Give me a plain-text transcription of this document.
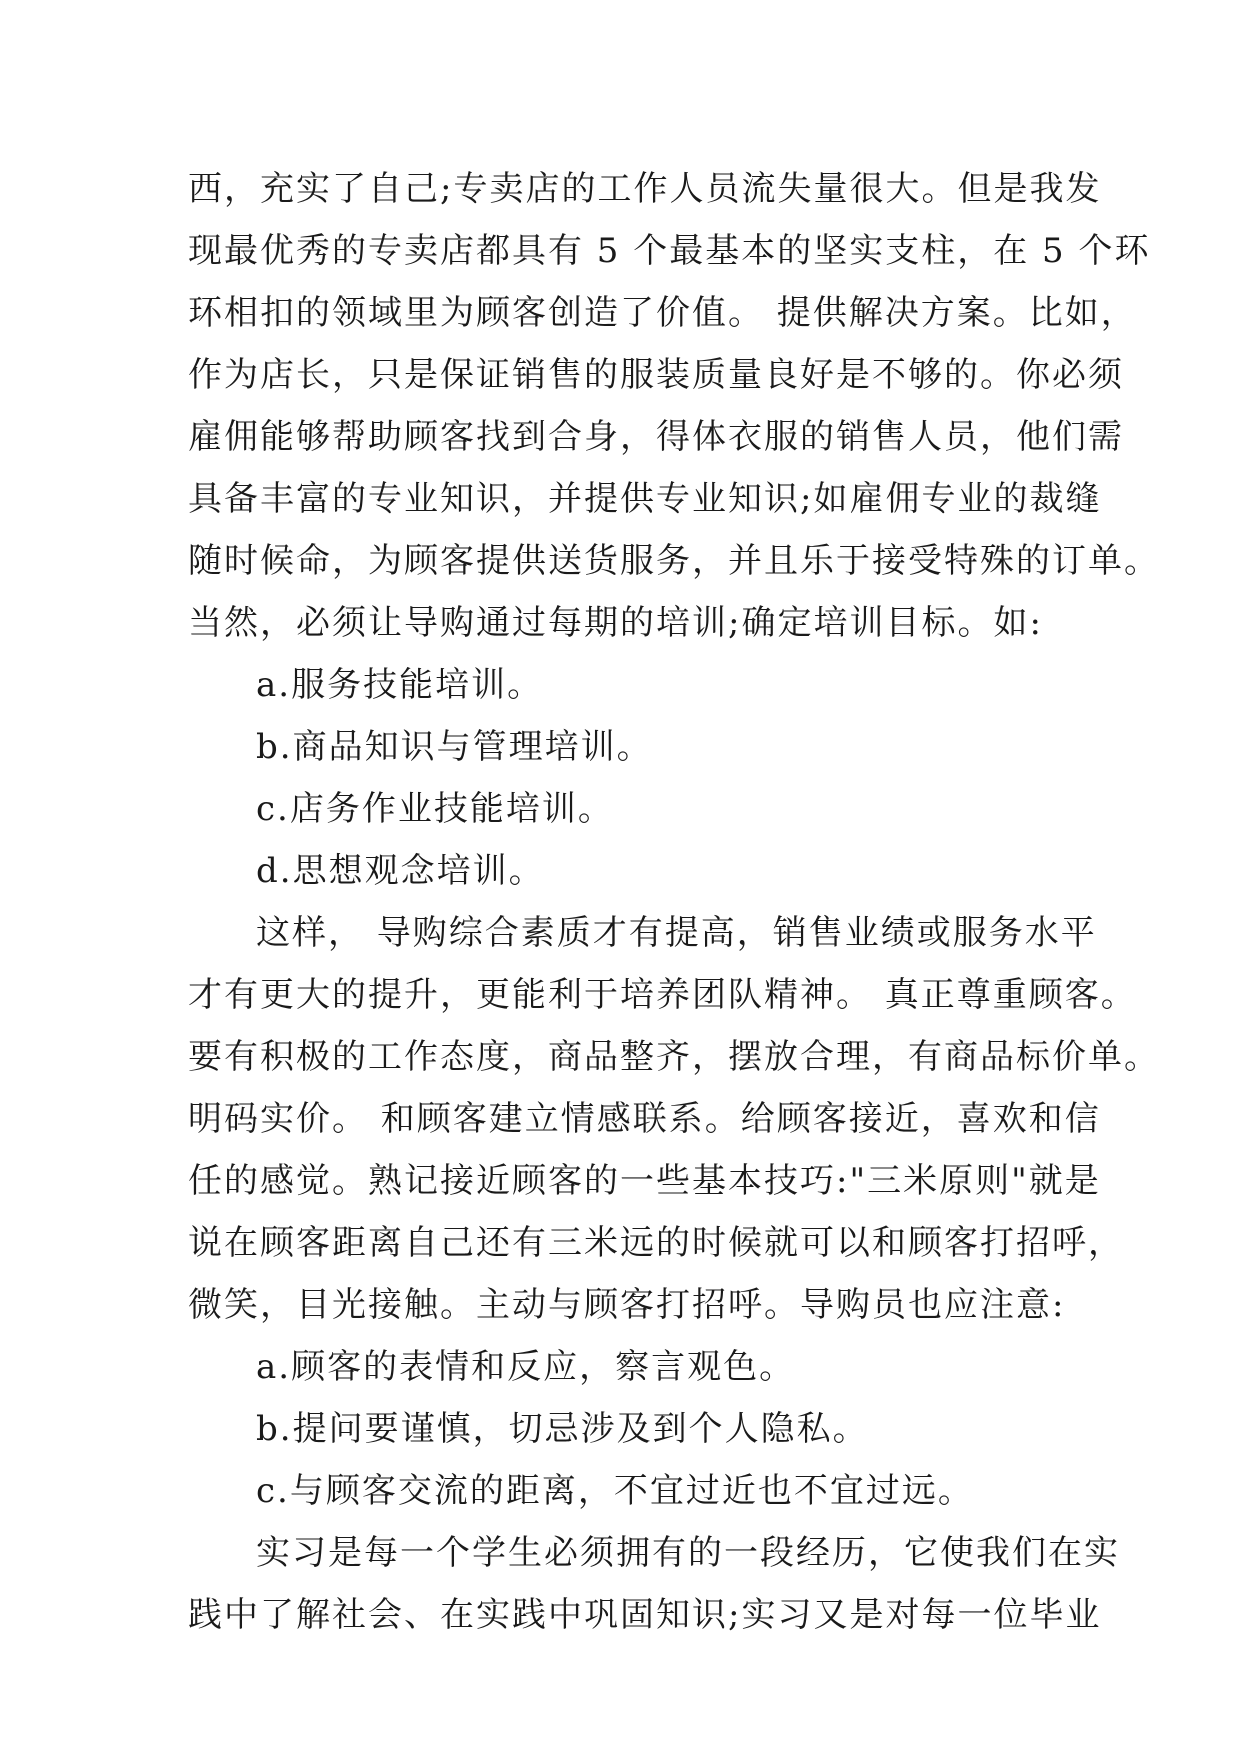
西，充实了自己;专卖店的工作人员流失量很大。但是我发
现最优秀的专卖店都具有 5 个最基本的坚实支柱，在 5 个环
环相扣的领域里为顾客创造了价值。 提供解决方案。比如，
作为店长，只是保证销售的服装质量良好是不够的。你必须
雇佣能够帮助顾客找到合身，得体衣服的销售人员，他们需
具备丰富的专业知识，并提供专业知识;如雇佣专业的裁缝
随时候命，为顾客提供送货服务，并且乐于接受特殊的订单。
当然，必须让导购通过每期的培训;确定培训目标。如:
a.服务技能培训。
b.商品知识与管理培训。
c.店务作业技能培训。
d.思想观念培训。
这样， 导购综合素质才有提高，销售业绩或服务水平
才有更大的提升，更能利于培养团队精神。 真正尊重顾客。
要有积极的工作态度，商品整齐，摆放合理，有商品标价单。
明码实价。 和顾客建立情感联系。给顾客接近，喜欢和信
任的感觉。熟记接近顾客的一些基本技巧:"三米原则"就是
说在顾客距离自己还有三米远的时候就可以和顾客打招呼，
微笑，目光接触。主动与顾客打招呼。导购员也应注意:
a.顾客的表情和反应，察言观色。
b.提问要谨慎，切忌涉及到个人隐私。
c.与顾客交流的距离，不宜过近也不宜过远。
实习是每一个学生必须拥有的一段经历，它使我们在实
践中了解社会、在实践中巩固知识;实习又是对每一位毕业
